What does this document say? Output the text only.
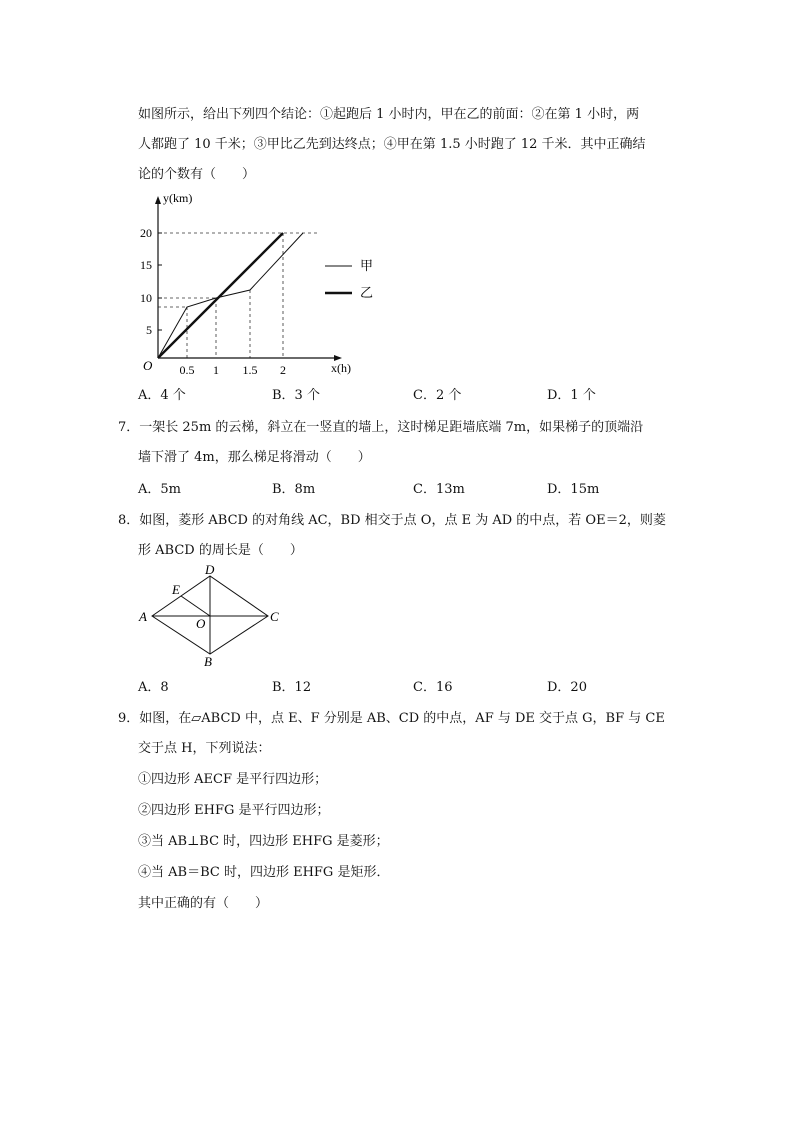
如图所示，给出下列四个结论：①起跑后 1 小时内，甲在乙的前面：②在第 1 小时，两
人都跑了 10 千米；③甲比乙先到达终点；④甲在第 1.5 小时跑了 12 千米．其中正确结
论的个数有（　　）
甲
乙
y(km)
x(h)
O
20
15
10
5
0.5 1 1.5 2
A．4 个	B．3 个	C．2 个	D．1 个
7．一架长 25m 的云梯，斜立在一竖直的墙上，这时梯足距墙底端 7m，如果梯子的顶端沿
墙下滑了 4m，那么梯足将滑动（　　）
A．5m	B．8m	C．13m	D．15m
8．如图，菱形 ABCD 的对角线 AC，BD 相交于点 O，点 E 为 AD 的中点，若 OE＝2，则菱
形 ABCD 的周长是（　　）
A
B
C
D
E
O
A．8	B．12	C．16	D．20
9．如图，在▱ABCD 中，点 E、F 分别是 AB、CD 的中点，AF 与 DE 交于点 G，BF 与 CE
交于点 H，下列说法：
①四边形 AECF 是平行四边形；
②四边形 EHFG 是平行四边形；
③当 AB⊥BC 时，四边形 EHFG 是菱形；
④当 AB＝BC 时，四边形 EHFG 是矩形．
其中正确的有（　　）
